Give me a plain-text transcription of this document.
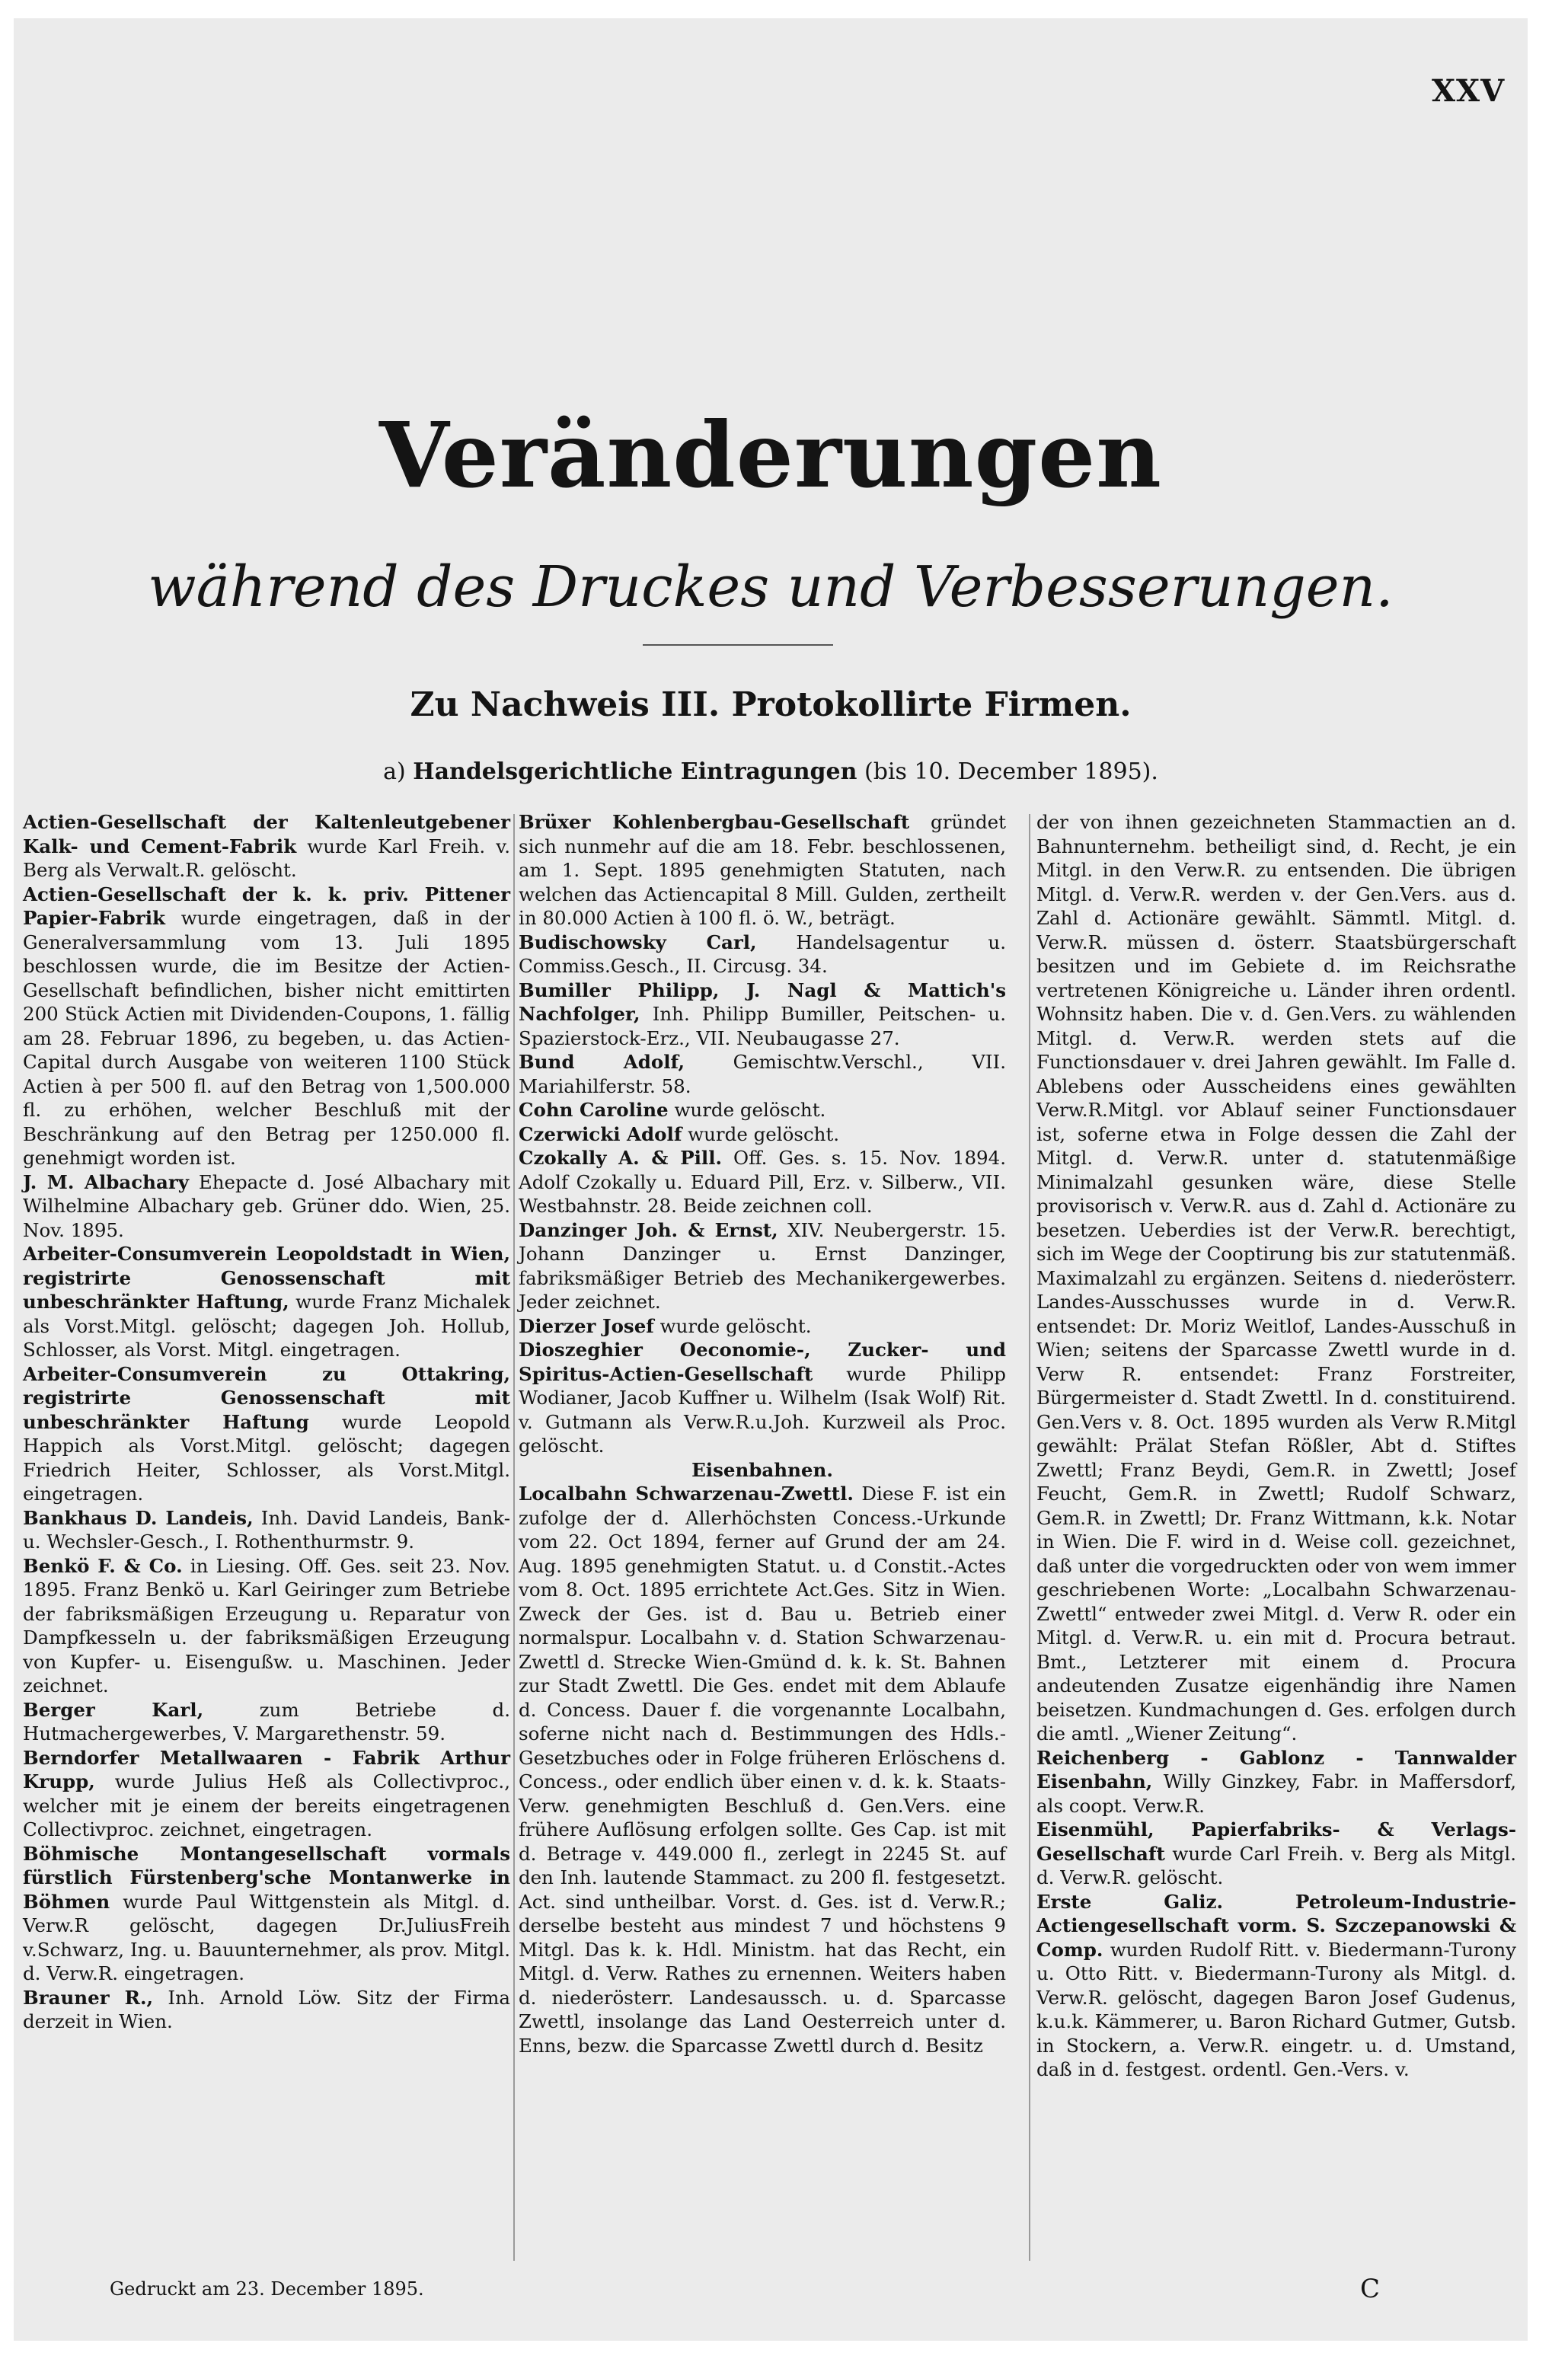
XXV
Veränderungen
während des Druckes und Verbesserungen.
Zu Nachweis III. Protokollirte Firmen.
a) Handelsgerichtliche Eintragungen (bis 10. December 1895).

Actien-Gesellschaft der Kaltenleutgebener Kalk- und Cement-Fabrik wurde Karl Freih. v. Berg als Verwalt.R. gelöscht.

Actien-Gesellschaft der k. k. priv. Pittener Papier-Fabrik wurde eingetragen, daß in der Generalversammlung vom 13. Juli 1895 beschlossen wurde, die im Besitze der Actien-Gesellschaft befindlichen, bisher nicht emittirten 200 Stück Actien mit Dividenden-Coupons, 1. fällig am 28. Februar 1896, zu begeben, u. das Actien-Capital durch Ausgabe von weiteren 1100 Stück Actien à per 500 fl. auf den Betrag von 1,500.000 fl. zu erhöhen, welcher Beschluß mit der Beschränkung auf den Betrag per 1250.000 fl. genehmigt worden ist.

J. M. Albachary Ehepacte d. José Albachary mit Wilhelmine Albachary geb. Grüner ddo. Wien, 25. Nov. 1895.

Arbeiter-Consumverein Leopoldstadt in Wien, registrirte Genossenschaft mit unbeschränkter Haftung, wurde Franz Michalek als Vorst.Mitgl. gelöscht; dagegen Joh. Hollub, Schlosser, als Vorst. Mitgl. eingetragen.

Arbeiter-Consumverein zu Ottakring, registrirte Genossenschaft mit unbeschränkter Haftung wurde Leopold Happich als Vorst.Mitgl. gelöscht; dagegen Friedrich Heiter, Schlosser, als Vorst.Mitgl. eingetragen.

Bankhaus D. Landeis, Inh. David Landeis, Bank- u. Wechsler-Gesch., I. Rothenthurmstr. 9.

Benkö F. & Co. in Liesing. Off. Ges. seit 23. Nov. 1895. Franz Benkö u. Karl Geiringer zum Betriebe der fabriksmäßigen Erzeugung u. Reparatur von Dampfkesseln u. der fabriksmäßigen Erzeugung von Kupfer- u. Eisengußw. u. Maschinen. Jeder zeichnet.

Berger Karl,	zum Betriebe d. Hutmachergewerbes, V. Margarethenstr. 59.

Berndorfer Metallwaaren - Fabrik Arthur Krupp, wurde Julius Heß als Collectivproc., welcher mit je einem der bereits eingetragenen Collectivproc. zeichnet, eingetragen.

Böhmische Montangesellschaft vormals fürstlich Fürstenberg'sche Montanwerke in Böhmen wurde Paul Wittgenstein als Mitgl. d. Verw.R gelöscht, dagegen Dr.JuliusFreih v.Schwarz, Ing. u. Bauunternehmer, als prov. Mitgl. d. Verw.R. eingetragen.

Brauner R., Inh. Arnold Löw. Sitz der Firma derzeit in Wien.

Brüxer Kohlenbergbau-Gesellschaft gründet sich nunmehr auf die am 18. Febr. beschlossenen, am 1. Sept. 1895 genehmigten Statuten, nach welchen das Actiencapital 8 Mill. Gulden, zertheilt in 80.000 Actien à 100 fl. ö. W., beträgt.

Budischowsky Carl, Handelsagentur u. Commiss.Gesch., II. Circusg. 34.

Bumiller Philipp, J. Nagl & Mattich's Nachfolger, Inh. Philipp Bumiller, Peitschen- u. Spazierstock-Erz., VII. Neubaugasse 27.

Bund Adolf,	Gemischtw.Verschl., VII. Mariahilferstr. 58.

Cohn Caroline wurde gelöscht.

Czerwicki Adolf wurde gelöscht.

Czokally A. & Pill. Off. Ges. s. 15. Nov. 1894. Adolf Czokally u. Eduard Pill, Erz. v. Silberw., VII. Westbahnstr. 28. Beide zeichnen coll.

Danzinger Joh. & Ernst, XIV. Neubergerstr. 15. Johann Danzinger u. Ernst Danzinger, fabriksmäßiger Betrieb des Mechanikergewerbes. Jeder zeichnet.

Dierzer Josef wurde gelöscht.

Dioszeghier Oeconomie-, Zucker- und Spiritus-Actien-Gesellschaft wurde Philipp Wodianer, Jacob Kuffner u. Wilhelm (Isak Wolf) Rit. v. Gutmann als Verw.R.u.Joh. Kurzweil als Proc. gelöscht.

Eisenbahnen.

Localbahn Schwarzenau-Zwettl. Diese F. ist ein zufolge der d. Allerhöchsten Concess.-Urkunde vom 22. Oct 1894, ferner auf Grund der am 24. Aug. 1895 genehmigten Statut. u. d Constit.-Actes vom 8. Oct. 1895 errichtete Act.Ges. Sitz in Wien. Zweck der Ges. ist d. Bau u. Betrieb einer normalspur. Localbahn v. d. Station Schwarzenau-Zwettl d. Strecke Wien-Gmünd d. k. k. St. Bahnen zur Stadt Zwettl. Die Ges. endet mit dem Ablaufe d. Concess. Dauer f. die vorgenannte Localbahn, soferne nicht nach d. Bestimmungen des Hdls.-Gesetzbuches oder in Folge früheren Erlöschens d. Concess., oder endlich über einen v. d. k. k. Staats-Verw. genehmigten Beschluß d. Gen.Vers. eine frühere Auflösung erfolgen sollte. Ges Cap. ist mit d. Betrage v. 449.000 fl., zerlegt in 2245 St. auf den Inh. lautende Stammact. zu 200 fl. festgesetzt. Act. sind untheilbar. Vorst. d. Ges. ist d. Verw.R.; derselbe besteht aus mindest 7 und höchstens 9 Mitgl. Das k. k. Hdl. Ministm. hat das Recht, ein Mitgl. d. Verw. Rathes zu ernennen. Weiters haben d. niederösterr. Landesaussch. u. d. Sparcasse Zwettl, insolange das Land Oesterreich unter d. Enns, bezw. die Sparcasse Zwettl durch d. Besitz

der von ihnen gezeichneten Stammactien an d. Bahnunternehm. betheiligt sind, d. Recht, je ein Mitgl. in den Verw.R. zu entsenden. Die übrigen Mitgl. d. Verw.R. werden v. der Gen.Vers. aus d. Zahl d. Actionäre gewählt. Sämmtl. Mitgl. d. Verw.R. müssen d. österr. Staatsbürgerschaft besitzen und im Gebiete d. im Reichsrathe vertretenen Königreiche u. Länder ihren ordentl. Wohnsitz haben. Die v. d. Gen.Vers. zu wählenden Mitgl. d. Verw.R. werden stets auf die Functionsdauer v. drei Jahren gewählt. Im Falle d. Ablebens oder Ausscheidens eines gewählten Verw.R.Mitgl. vor Ablauf seiner Functionsdauer ist, soferne etwa in Folge dessen die Zahl der Mitgl. d. Verw.R. unter d. statutenmäßige Minimalzahl gesunken wäre, diese Stelle provisorisch v. Verw.R. aus d. Zahl d. Actionäre zu besetzen. Ueberdies ist der Verw.R. berechtigt, sich im Wege der Cooptirung bis zur statutenmäß. Maximalzahl zu ergänzen. Seitens d. niederösterr. Landes-Ausschusses wurde in d. Verw.R. entsendet: Dr. Moriz Weitlof, Landes-Ausschuß in Wien; seitens der Sparcasse Zwettl wurde in d. Verw R. entsendet: Franz Forstreiter, Bürgermeister d. Stadt Zwettl. In d. constituirend. Gen.Vers v. 8. Oct. 1895 wurden als Verw R.Mitgl gewählt: Prälat Stefan Rößler, Abt d. Stiftes Zwettl; Franz Beydi, Gem.R. in Zwettl; Josef Feucht, Gem.R. in Zwettl; Rudolf Schwarz, Gem.R. in Zwettl; Dr. Franz Wittmann, k.k. Notar in Wien. Die F. wird in d. Weise coll. gezeichnet, daß unter die vorgedruckten oder von wem immer geschriebenen Worte: „Localbahn Schwarzenau-Zwettl“ entweder zwei Mitgl. d. Verw R. oder ein Mitgl. d. Verw.R. u. ein mit d. Procura betraut. Bmt., Letzterer mit einem d. Procura andeutenden Zusatze eigenhändig ihre Namen beisetzen. Kundmachungen d. Ges. erfolgen durch die amtl. „Wiener Zeitung“.

Reichenberg - Gablonz - Tannwalder Eisenbahn, Willy Ginzkey, Fabr. in Maffersdorf, als coopt. Verw.R.

Eisenmühl, Papierfabriks- & Verlags-Gesellschaft wurde Carl Freih. v. Berg als Mitgl. d. Verw.R. gelöscht.

Erste Galiz. Petroleum-Industrie-Actiengesellschaft vorm. S. Szczepanowski & Comp. wurden Rudolf Ritt. v. Biedermann-Turony u. Otto Ritt. v. Biedermann-Turony als Mitgl. d. Verw.R. gelöscht, dagegen Baron Josef Gudenus, k.u.k. Kämmerer, u. Baron Richard Gutmer, Gutsb. in Stockern, a. Verw.R. eingetr. u. d. Umstand, daß in d. festgest. ordentl. Gen.-Vers. v.

Gedruckt am 23. December 1895.	C
